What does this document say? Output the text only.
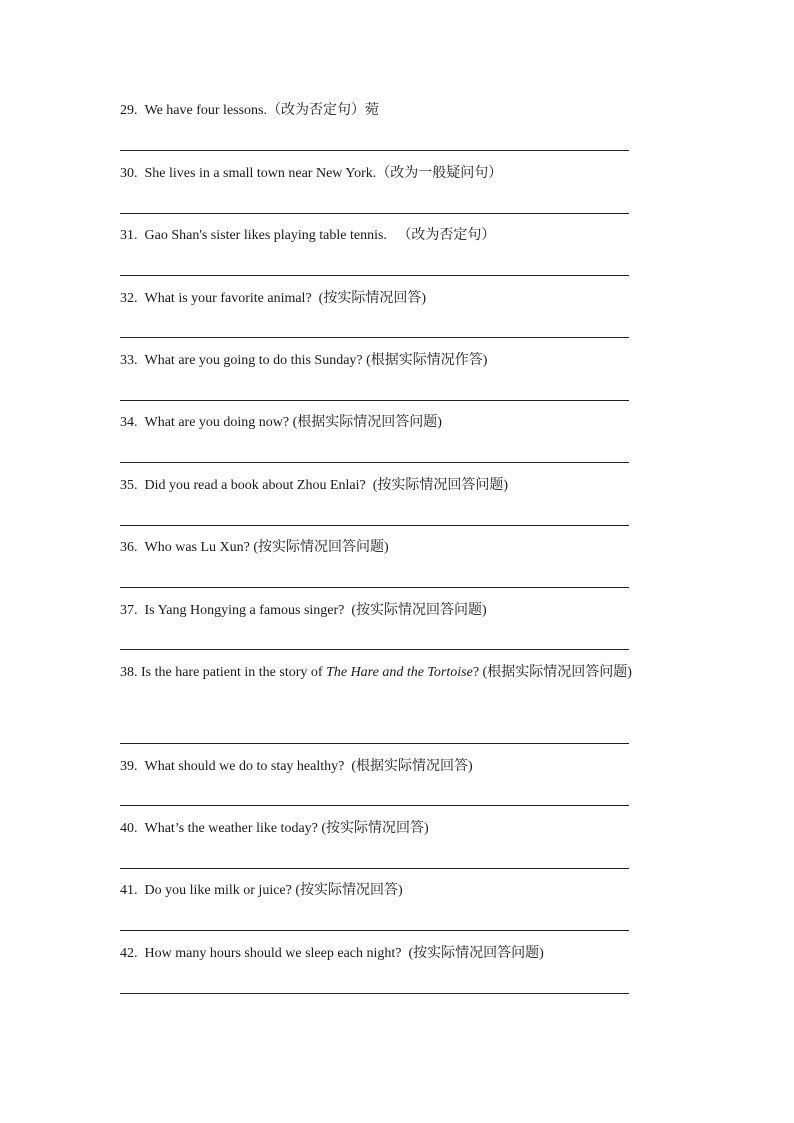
29. We have four lessons.（改为否定句）菀
30. She lives in a small town near New York.（改为一般疑问句）
31. Gao Shan's sister likes playing table tennis. （改为否定句）
32. What is your favorite animal? (按实际情况回答)
33. What are you going to do this Sunday? (根据实际情况作答)
34. What are you doing now? (根据实际情况回答问题)
35. Did you read a book about Zhou Enlai? (按实际情况回答问题)
36. Who was Lu Xun? (按实际情况回答问题)
37. Is Yang Hongying a famous singer? (按实际情况回答问题)
38. Is the hare patient in the story of The Hare and the Tortoise? (根据实际情况回答问题)
39. What should we do to stay healthy? (根据实际情况回答)
40. What’s the weather like today? (按实际情况回答)
41. Do you like milk or juice? (按实际情况回答)
42. How many hours should we sleep each night? (按实际情况回答问题)
